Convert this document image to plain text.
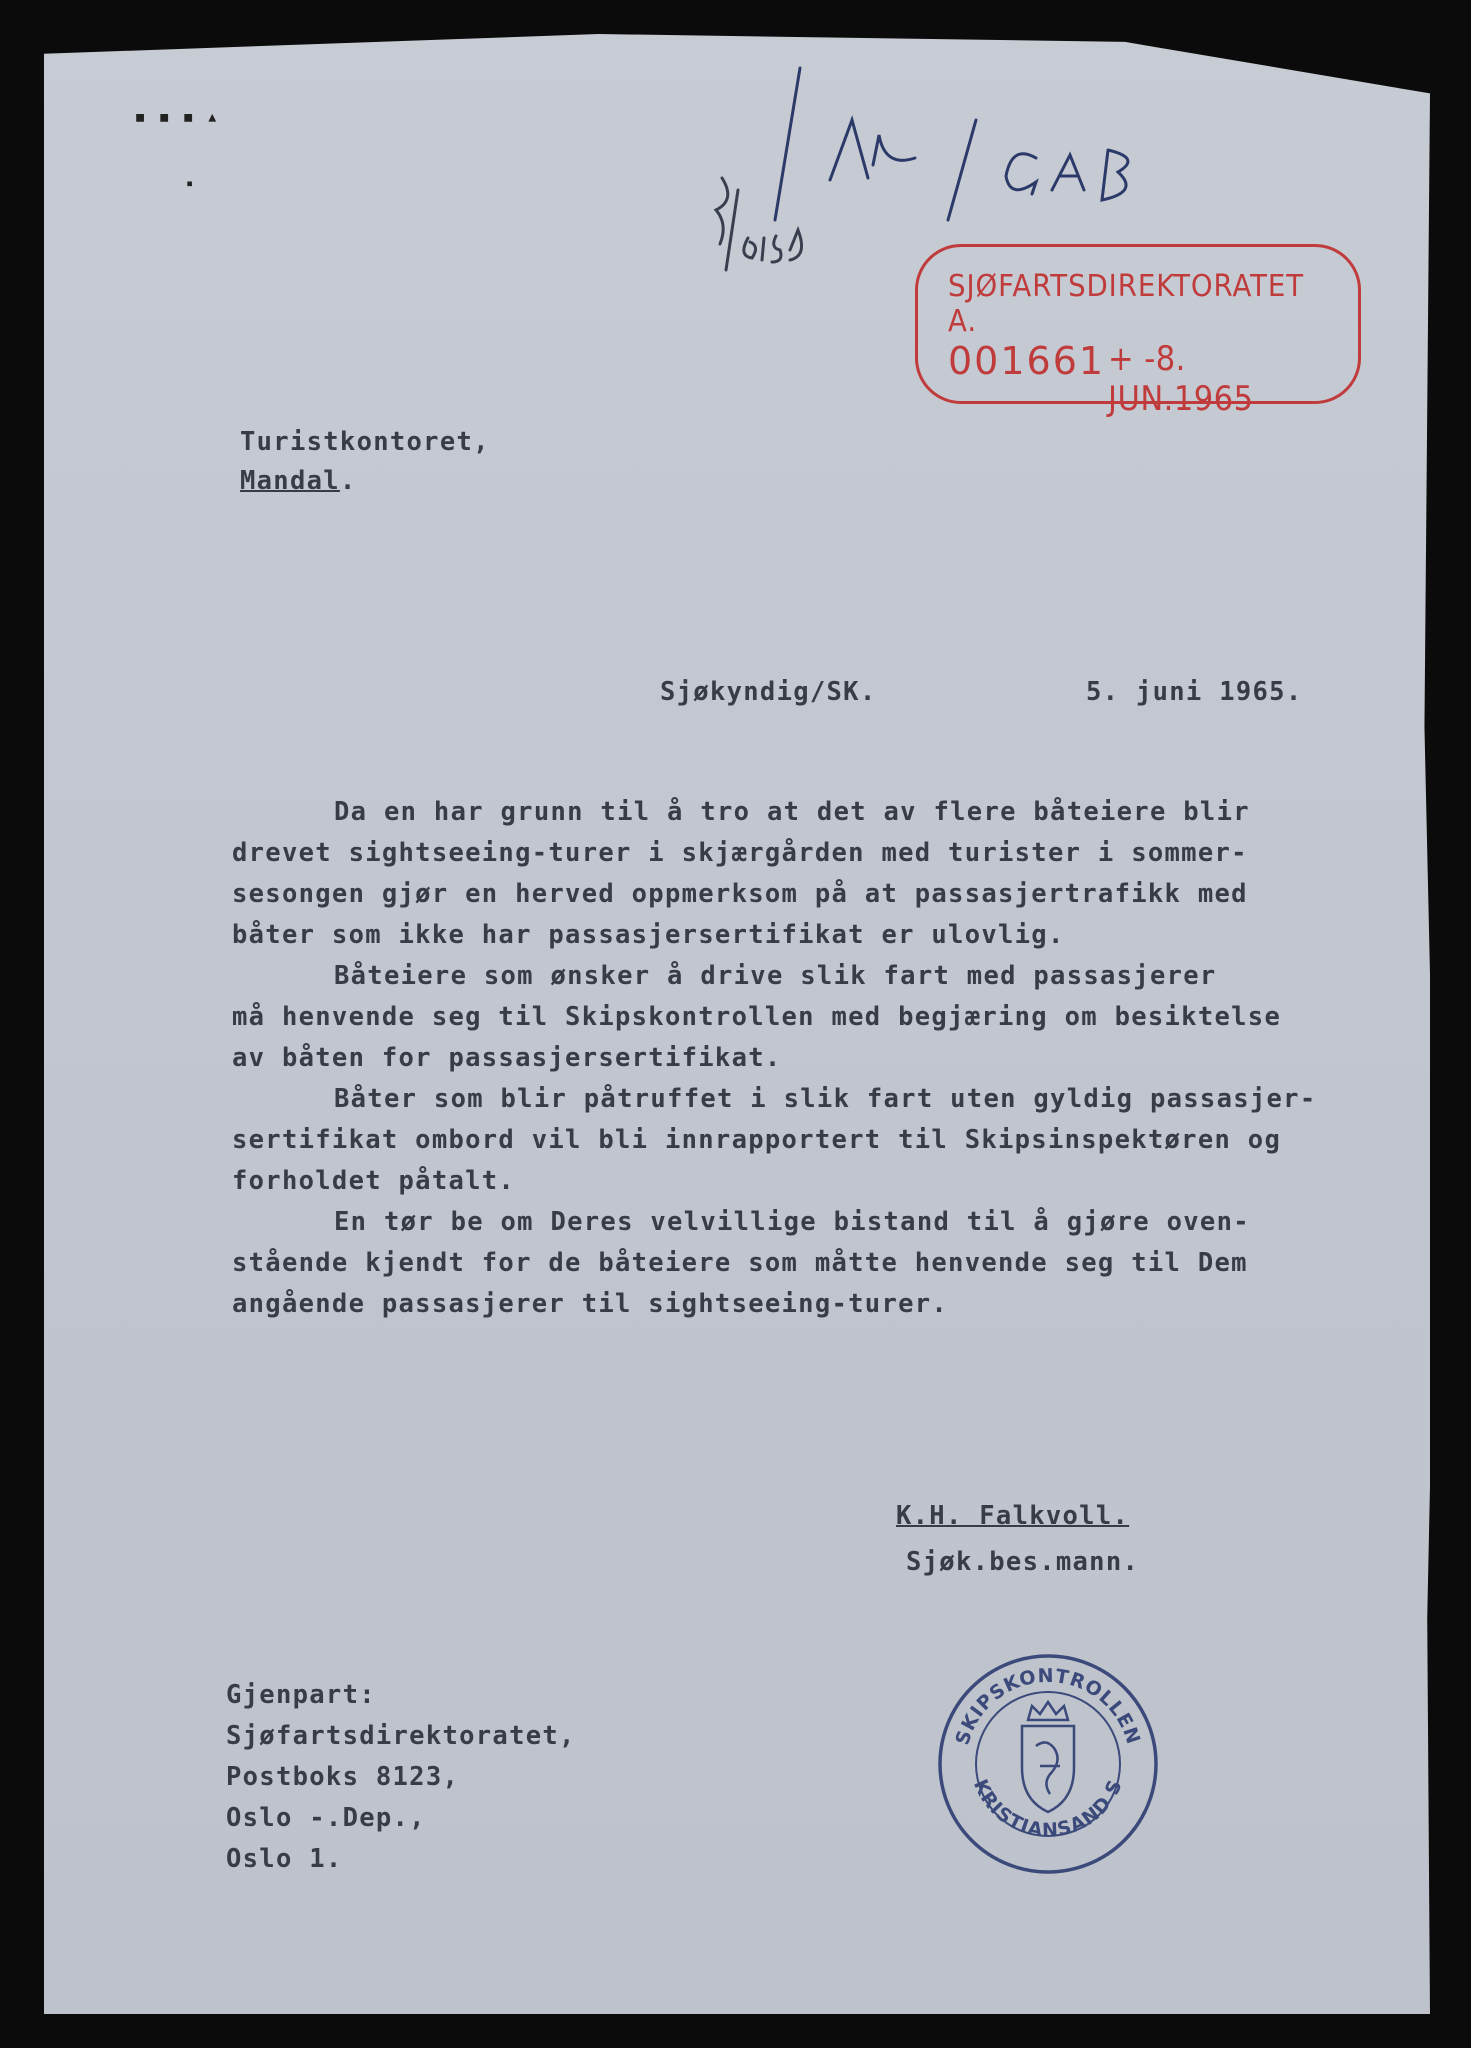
▪ ▪ ▪ ▴
▪
SJØFARTSDIREKTORATET A.
001661 + -8. JUN.1965
Turistkontoret,
Mandal.
Sjøkyndig/SK.	5. juni 1965.
Da en har grunn til å tro at det av flere båteiere blir
drevet sightseeing-turer i skjærgården med turister i sommer-
sesongen gjør en herved oppmerksom på at passasjertrafikk med
båter som ikke har passasjersertifikat er ulovlig.
Båteiere som ønsker å drive slik fart med passasjerer
må henvende seg til Skipskontrollen med begjæring om besiktelse
av båten for passasjersertifikat.
Båter som blir påtruffet i slik fart uten gyldig passasjer-
sertifikat ombord vil bli innrapportert til Skipsinspektøren og
forholdet påtalt.
En tør be om Deres velvillige bistand til å gjøre oven-
stående kjendt for de båteiere som måtte henvende seg til Dem
angående passasjerer til sightseeing-turer.
K.H. Falkvoll.
Sjøk.bes.mann.
Gjenpart:
Sjøfartsdirektoratet,
Postboks 8123,
Oslo -.Dep.,
Oslo 1.
SKIPSKONTROLLEN
KRISTIANSAND S
